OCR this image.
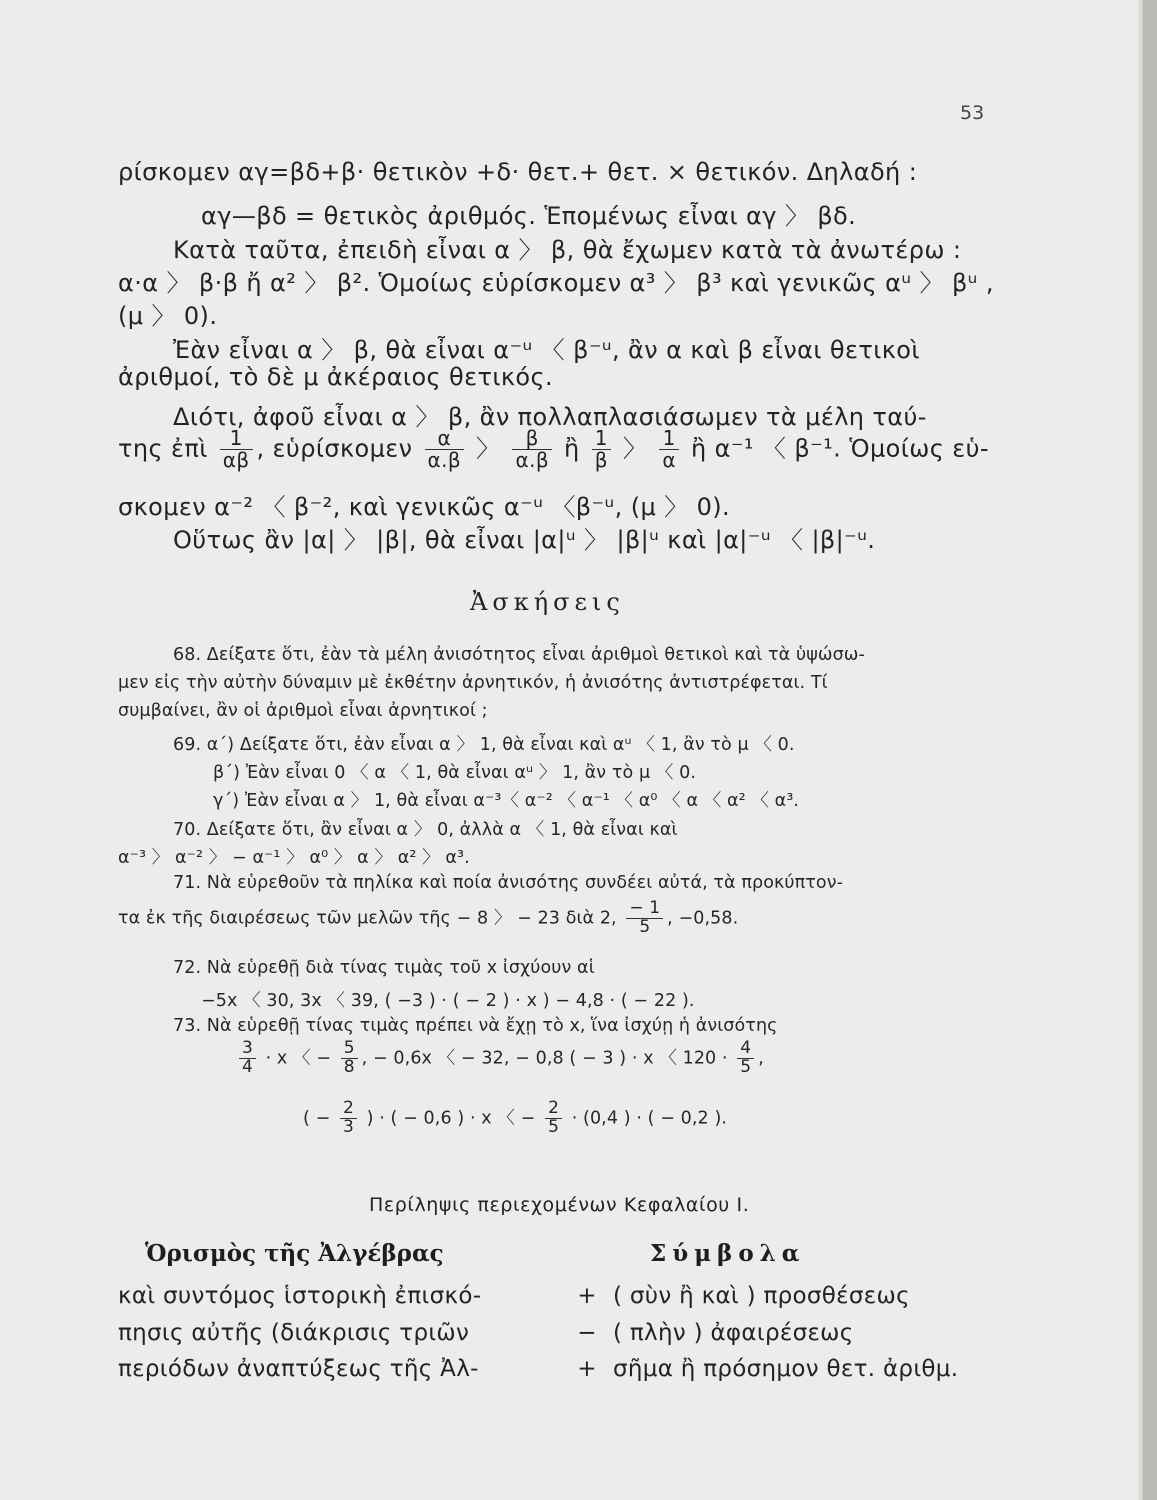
53
ρίσκομεν αγ=βδ+β· θετικὸν +δ· θετ.+ θετ. × θετικόν. Δηλαδή :
αγ—βδ = θετικὸς ἀριθμός. Ἑπομένως εἶναι αγ 〉 βδ.
Κατὰ ταῦτα, ἐπειδὴ εἶναι α 〉 β, θὰ ἔχωμεν κατὰ τὰ ἀνωτέρω :
α·α 〉 β·β ἤ α² 〉 β². Ὁμοίως εὑρίσκομεν α³ 〉 β³ καὶ γενικῶς αᵘ 〉 βᵘ ,
(μ 〉 0).
Ἐὰν εἶναι α 〉 β, θὰ εἶναι α⁻ᵘ 〈 β⁻ᵘ, ἂν α καὶ β εἶναι θετικοὶ
ἀριθμοί, τὸ δὲ μ ἀκέραιος θετικός.
Διότι, ἀφοῦ εἶναι α 〉 β, ἂν πολλαπλασιάσωμεν τὰ μέλη ταύ-
της ἐπὶ $\frac{1}{\alpha\beta}$ , εὑρίσκομεν $\frac{\alpha}{\alpha.\beta}$ 〉 $\frac{\beta}{\alpha.\beta}$ ἢ $\frac{1}{\beta}$ 〉 $\frac{1}{\alpha}$ ἢ α⁻¹ 〈 β⁻¹. Ὁμοίως εὑ-
σκομεν α⁻² 〈 β⁻², καὶ γενικῶς α⁻ᵘ 〈β⁻ᵘ, (μ 〉 0).
Οὕτως ἂν |α| 〉 |β|, θὰ εἶναι |α|ᵘ 〉 |β|ᵘ καὶ |α|⁻ᵘ 〈 |β|⁻ᵘ.
Ἀσκήσεις
68. Δείξατε ὅτι, ἐὰν τὰ μέλη ἀνισότητος εἶναι ἀριθμοὶ θετικοὶ καὶ τὰ ὑψώσω-
μεν εἰς τὴν αὐτὴν δύναμιν μὲ ἐκθέτην ἀρνητικόν, ἡ ἀνισότης ἀντιστρέφεται. Τί
συμβαίνει, ἂν οἱ ἀριθμοὶ εἶναι ἀρνητικοί ;
69. α΄) Δείξατε ὅτι, ἐὰν εἶναι α 〉 1, θὰ εἶναι καὶ αᵘ 〈 1, ἂν τὸ μ 〈 0.
β΄) Ἐὰν εἶναι 0 〈 α 〈 1, θὰ εἶναι αᵘ 〉 1, ἂν τὸ μ 〈 0.
γ΄) Ἐὰν εἶναι α 〉 1, θὰ εἶναι α⁻³〈 α⁻² 〈 α⁻¹ 〈 α⁰ 〈 α 〈 α² 〈 α³.
70. Δείξατε ὅτι, ἂν εἶναι α 〉 0, ἀλλὰ α 〈 1, θὰ εἶναι καὶ
α⁻³ 〉 α⁻² 〉 − α⁻¹ 〉 α⁰ 〉 α 〉 α² 〉 α³.
71. Νὰ εὑρεθοῦν τὰ πηλίκα καὶ ποία ἀνισότης συνδέει αὐτά, τὰ προκύπτον-
τα ἐκ τῆς διαιρέσεως τῶν μελῶν τῆς − 8 〉 − 23 διὰ 2, $\frac{- 1}{5}$ , −0,58.
72. Νὰ εὑρεθῇ διὰ τίνας τιμὰς τοῦ x ἰσχύουν αἱ
−5x 〈 30, 3x 〈 39, ( −3 ) · ( − 2 ) · x ) − 4,8 · ( − 22 ).
73. Νὰ εὑρεθῇ τίνας τιμὰς πρέπει νὰ ἔχῃ τὸ x, ἵνα ἰσχύῃ ἡ ἀνισότης
$\frac{3}{4} \cdot x$ 〈 − $\frac{5}{8}$ , − 0,6x 〈 − 32, − 0,8 ( − 3 ) · x 〈 $120 \cdot \frac{4}{5}$ ,
( − $\frac{2}{3}$ ) · ( − 0,6 ) · x 〈 − $\frac{2}{5} \cdot (0,4$ ) · ( − 0,2 ).
Περίληψις περιεχομένων Κεφαλαίου Ι.
Ὁρισμὸς τῆς Ἀλγέβρας	Σύμβολα
καὶ συντόμος ἱστορικὴ ἐπισκό-
πησις αὐτῆς (διάκρισις τριῶν
περιόδων ἀναπτύξεως τῆς Ἀλ-
+ ( σὺν ἢ καὶ ) προσθέσεως
− ( πλὴν ) ἀφαιρέσεως
+ σῆμα ἢ πρόσημον θετ. ἀριθμ.
